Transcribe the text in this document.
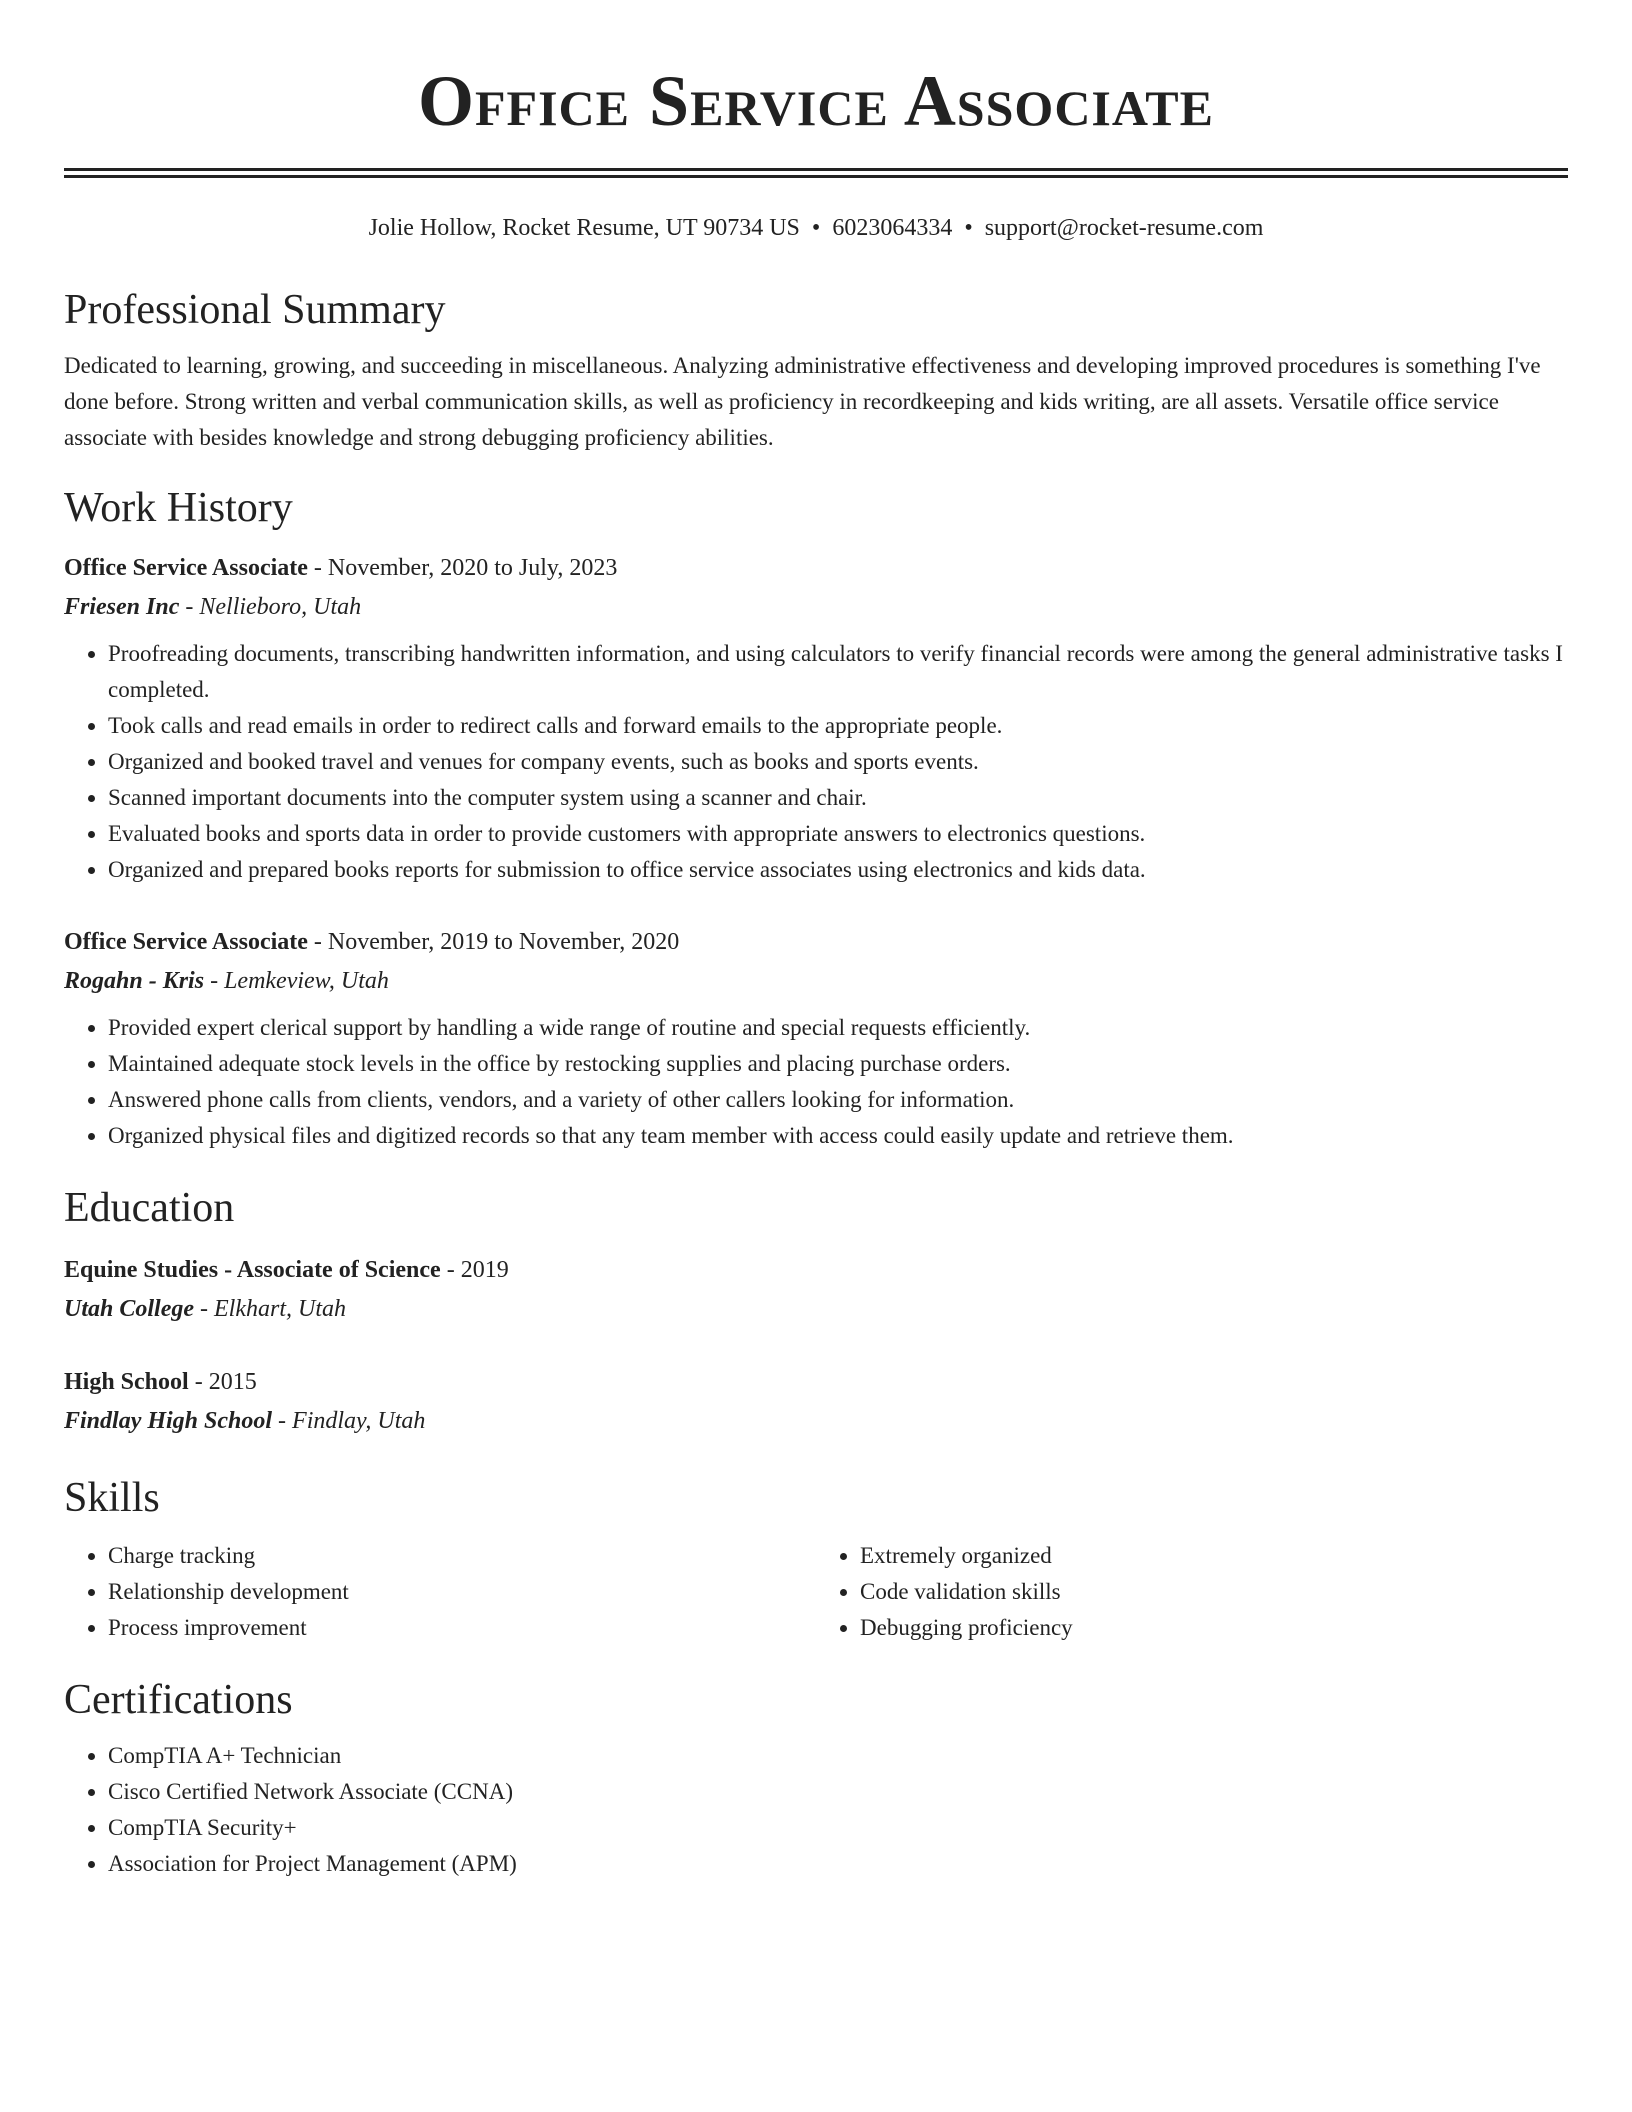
Office Service Associate
Jolie Hollow, Rocket Resume, UT 90734 US • 6023064334 • support@rocket-resume.com
Professional Summary

Dedicated to learning, growing, and succeeding in miscellaneous. Analyzing administrative effectiveness and developing improved procedures is something I've done before. Strong written and verbal communication skills, as well as proficiency in recordkeeping and kids writing, are all assets. Versatile office service associate with besides knowledge and strong debugging proficiency abilities.

Work History
Office Service Associate - November, 2020 to July, 2023
Friesen Inc - Nellieboro, Utah
• Proofreading documents, transcribing handwritten information, and using calculators to verify financial records were among the general administrative tasks I completed.
• Took calls and read emails in order to redirect calls and forward emails to the appropriate people.
• Organized and booked travel and venues for company events, such as books and sports events.
• Scanned important documents into the computer system using a scanner and chair.
• Evaluated books and sports data in order to provide customers with appropriate answers to electronics questions.
• Organized and prepared books reports for submission to office service associates using electronics and kids data.
Office Service Associate - November, 2019 to November, 2020
Rogahn - Kris - Lemkeview, Utah
• Provided expert clerical support by handling a wide range of routine and special requests efficiently.
• Maintained adequate stock levels in the office by restocking supplies and placing purchase orders.
• Answered phone calls from clients, vendors, and a variety of other callers looking for information.
• Organized physical files and digitized records so that any team member with access could easily update and retrieve them.
Education
Equine Studies - Associate of Science - 2019
Utah College - Elkhart, Utah
High School - 2015
Findlay High School - Findlay, Utah
Skills
• Charge tracking
• Relationship development
• Process improvement
• Extremely organized
• Code validation skills
• Debugging proficiency
Certifications
• CompTIA A+ Technician
• Cisco Certified Network Associate (CCNA)
• CompTIA Security+
• Association for Project Management (APM)
